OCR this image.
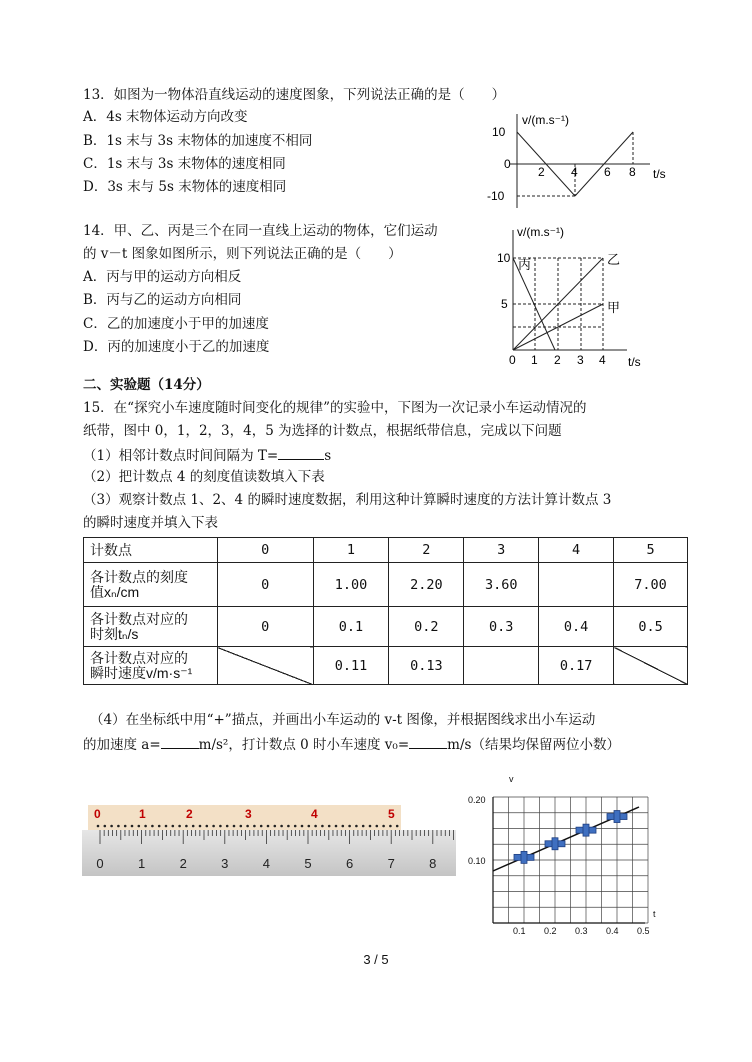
13．如图为一物体沿直线运动的速度图象，下列说法正确的是（　　）
A．4s 末物体运动方向改变
B．1s 末与 3s 末物体的加速度不相同
C．1s 末与 3s 末物体的速度相同
D．3s 末与 5s 末物体的速度相同
10
0
-10
2 4 6 8
v/(m.s⁻¹)
t/s
14．甲、乙、丙是三个在同一直线上运动的物体，它们运动
的 v－t 图象如图所示，则下列说法正确的是（　　）
A．丙与甲的运动方向相反
B．丙与乙的运动方向相同
C．乙的加速度小于甲的加速度
D．丙的加速度小于乙的加速度
10
5
0 1 2 3 4
v/(m.s⁻¹)
t/s
丙	乙
甲
二、实验题（14分）
15．在“探究小车速度随时间变化的规律”的实验中，下图为一次记录小车运动情况的
纸带，图中 0，1，2，3，4，5 为选择的计数点，根据纸带信息，完成以下问题
（1）相邻计数点时间间隔为 T=	s
（2）把计数点 4 的刻度值读数填入下表
（3）观察计数点 1、2、4 的瞬时速度数据，利用这种计算瞬时速度的方法计算计数点 3
的瞬时速度并填入下表
计数点	0	1	2	3	4	5
各计数点的刻度
值xₙ/cm	0	1.00	2.20	3.60		7.00
各计数点对应的
时刻tₙ/s	0	0.1	0.2	0.3	0.4	0.5
各计数点对应的
瞬时速度v/m·s⁻¹		0.11	0.13		0.17	
（4）在坐标纸中用“+”描点，并画出小车运动的 v-t 图像，并根据图线求出小车运动
的加速度 a=	m/s²，打计数点 0 时小车速度 v₀=	m/s（结果均保留两位小数）
0	1	2	3	4	5
0	1	2	3	4	5	6	7	8
v
t
0.20
0.10
0.1 0.2 0.3 0.4 0.5
3 / 5
